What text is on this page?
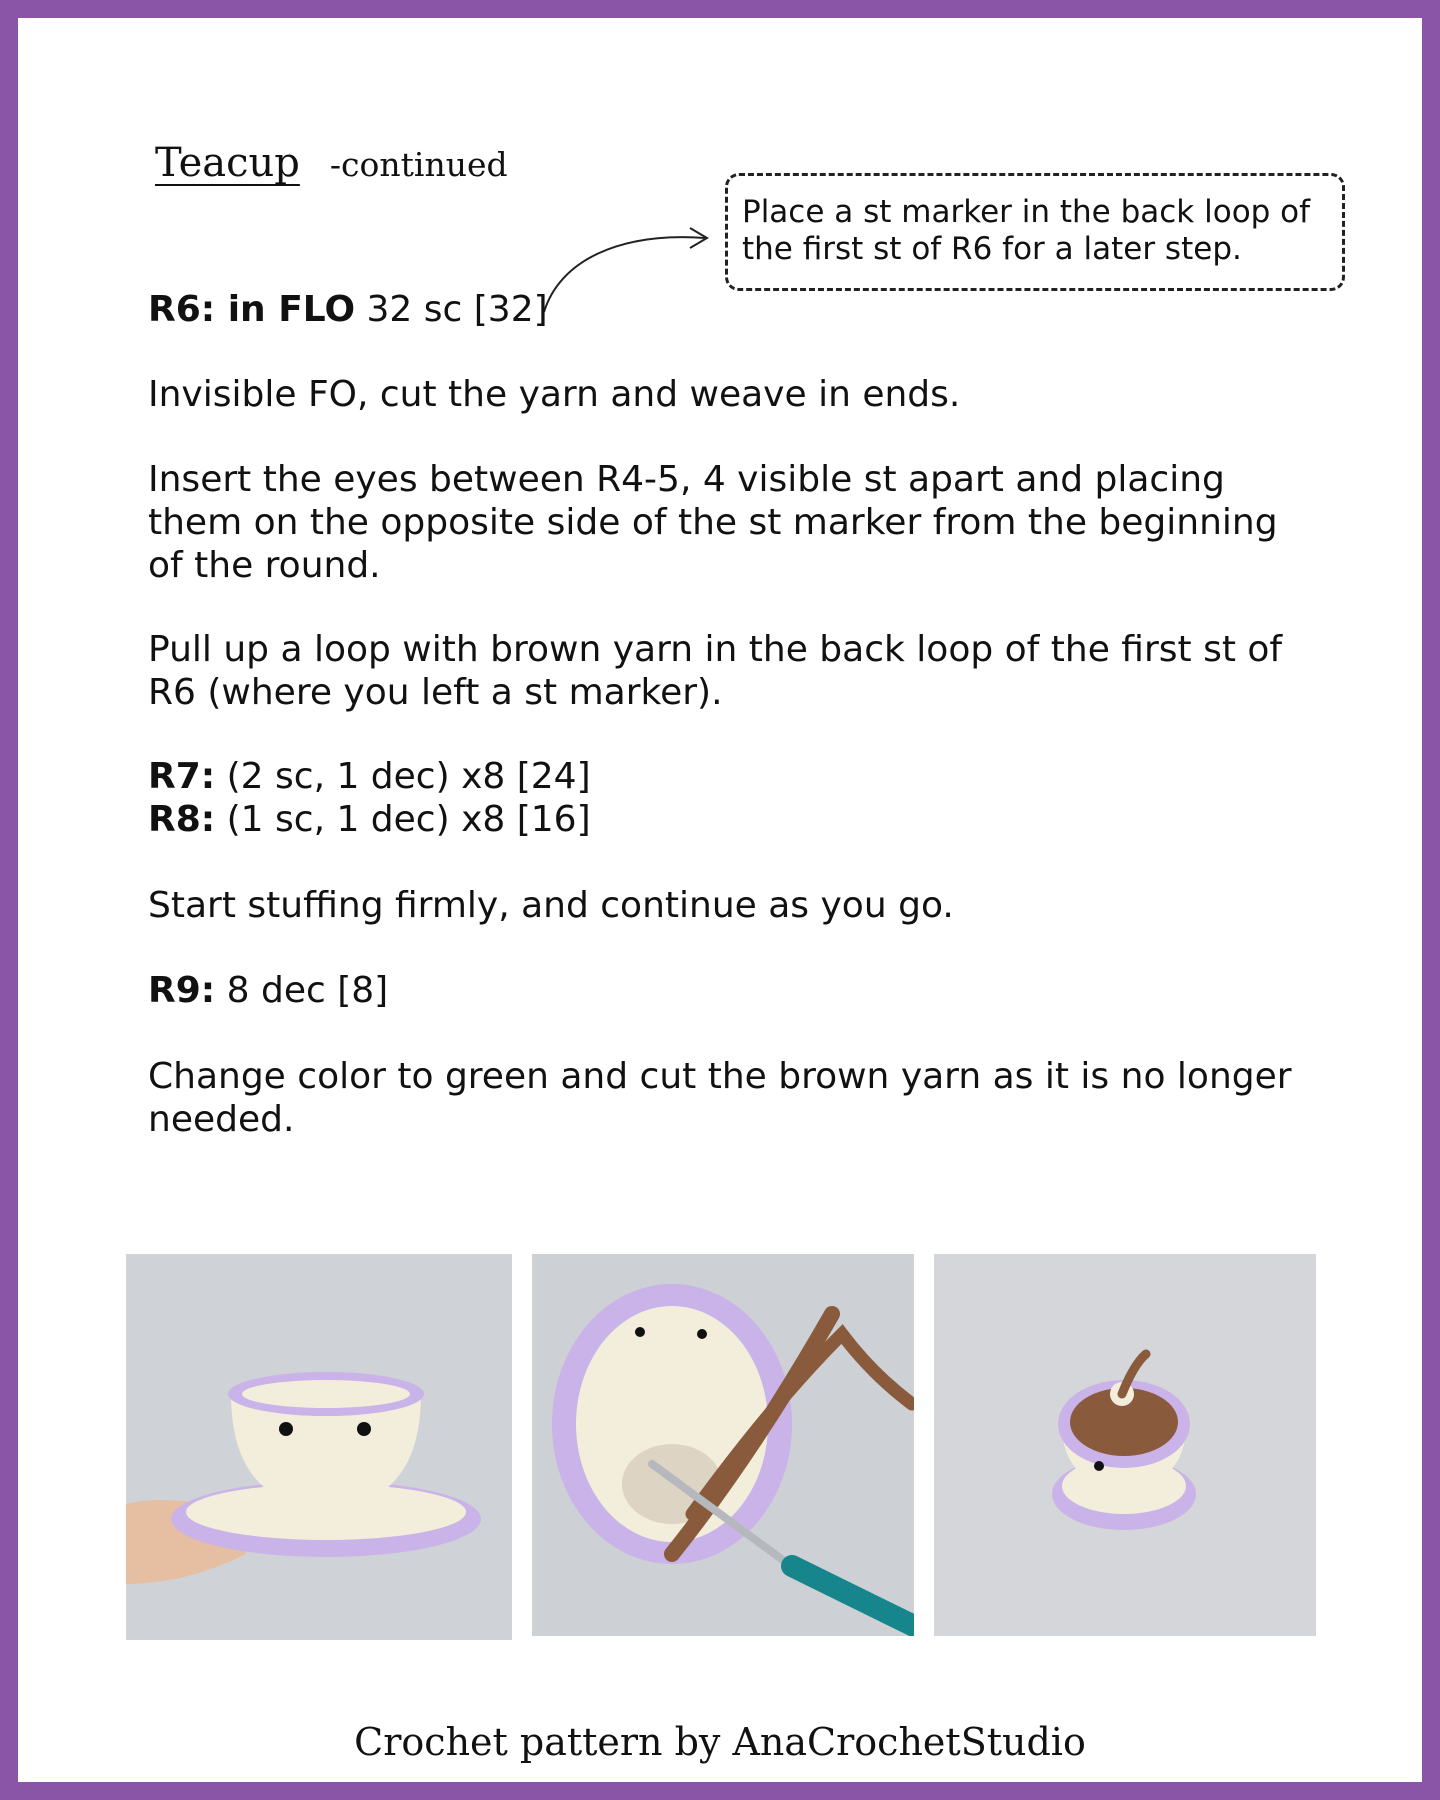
Teacup -continued
Place a st marker in the back loop of
the first st of R6 for a later step.
R6: in FLO 32 sc [32]
Invisible FO, cut the yarn and weave in ends.
Insert the eyes between R4-5, 4 visible st apart and placing them on the opposite side of the st marker from the beginning of the round.
Pull up a loop with brown yarn in the back loop of the first st of R6 (where you left a st marker).
R7: (2 sc, 1 dec) x8 [24]
R8: (1 sc, 1 dec) x8 [16]
Start stuffing firmly, and continue as you go.
R9: 8 dec [8]
Change color to green and cut the brown yarn as it is no longer needed.
Crochet pattern by AnaCrochetStudio
